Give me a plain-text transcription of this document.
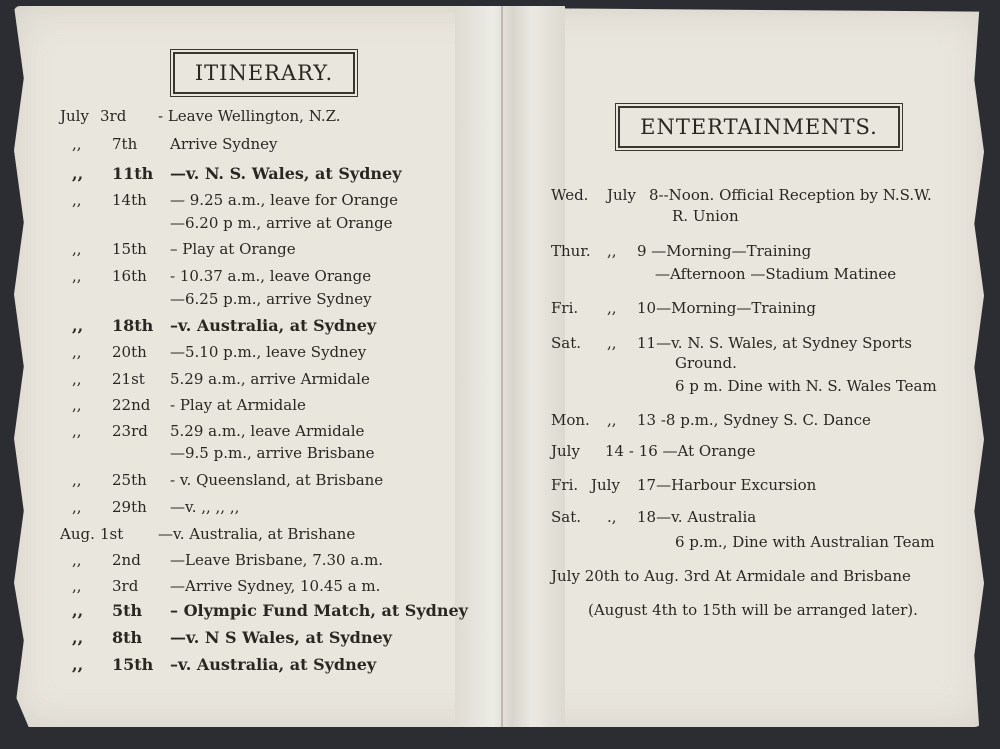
ITINERARY.
ENTERTAINMENTS.
July 3rd - Leave Wellington, N.Z.
,, 7th Arrive Sydney
,, 11th —v. N. S. Wales, at Sydney
,, 14th — 9.25 a.m., leave for Orange
—6.20 p m., arrive at Orange
,, 15th – Play at Orange
,, 16th - 10.37 a.m., leave Orange
—6.25 p.m., arrive Sydney
,, 18th –v. Australia, at Sydney
,, 20th —5.10 p.m., leave Sydney
,, 21st 5.29 a.m., arrive Armidale
,, 22nd - Play at Armidale
,, 23rd 5.29 a.m., leave Armidale
—9.5 p.m., arrive Brisbane
,, 25th - v. Queensland, at Brisbane
,, 29th —v. ,, ,, ,,
Aug. 1st —v. Australia, at Brishane
,, 2nd —Leave Brisbane, 7.30 a.m.
,, 3rd —Arrive Sydney, 10.45 a m.
,, 5th – Olympic Fund Match, at Sydney
,, 8th —v. N S Wales, at Sydney
,, 15th –v. Australia, at Sydney
Wed. July 8--Noon. Official Reception by N.S.W.
R. Union
Thur. ,, 9 —Morning—Training
—Afternoon —Stadium Matinee
Fri. ,, 10—Morning—Training
Sat. ,, 11—v. N. S. Wales, at Sydney Sports
Ground.
6 p m. Dine with N. S. Wales Team
Mon. ,, 13 -8 p.m., Sydney S. C. Dance
July 14 - 16 —At Orange
Fri. July 17—Harbour Excursion
Sat. ., 18—v. Australia
6 p.m., Dine with Australian Team
July 20th to Aug. 3rd At Armidale and Brisbane
(August 4th to 15th will be arranged later).
